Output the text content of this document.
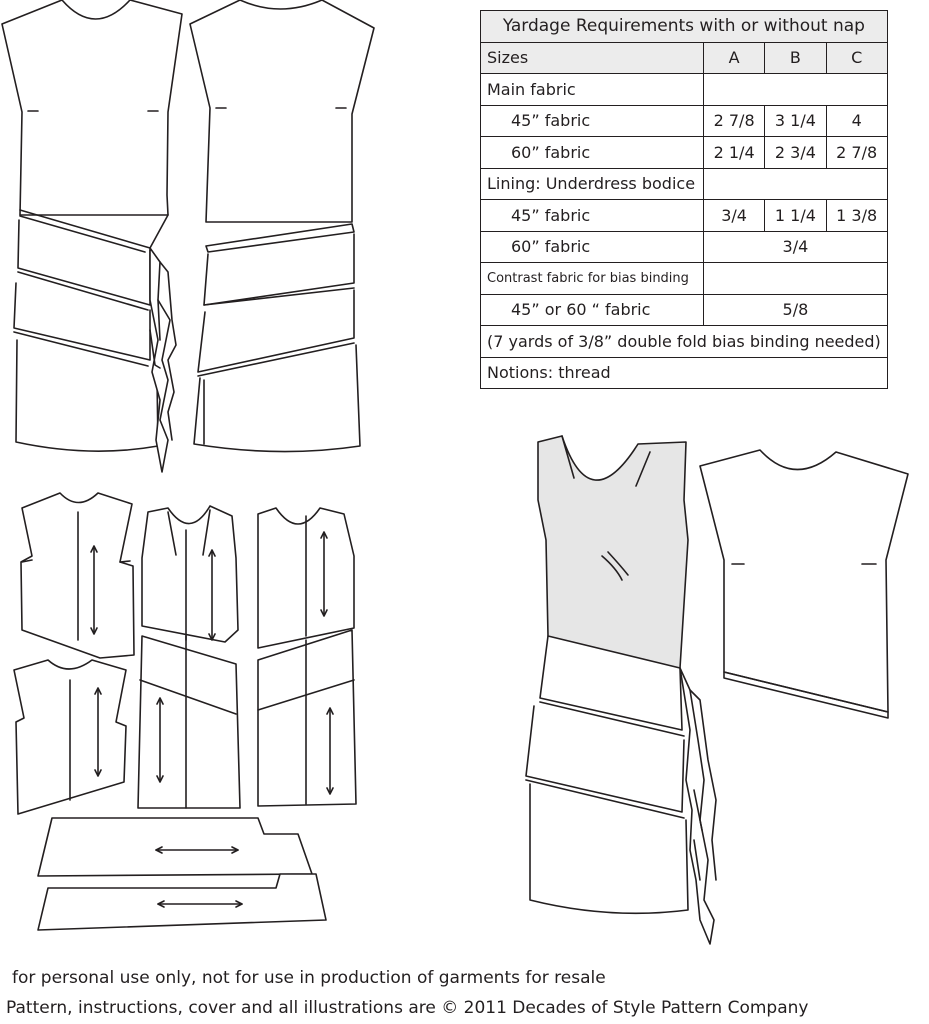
Yardage Requirements with or without nap			
Sizes	A	B	C
Main fabric			
45” fabric	2 7/8	3 1/4	4
60” fabric	2 1/4	2 3/4	2 7/8
Lining: Underdress bodice			
45” fabric	3/4	1 1/4	1 3/8
60” fabric	3/4		
Contrast fabric for bias binding			
45” or 60 “ fabric	5/8		
(7 yards of 3/8” double fold bias binding needed)			
Notions: thread			

for personal use only, not for use in production of garments for resale

Pattern, instructions, cover and all illustrations are © 2011 Decades of Style Pattern Company
